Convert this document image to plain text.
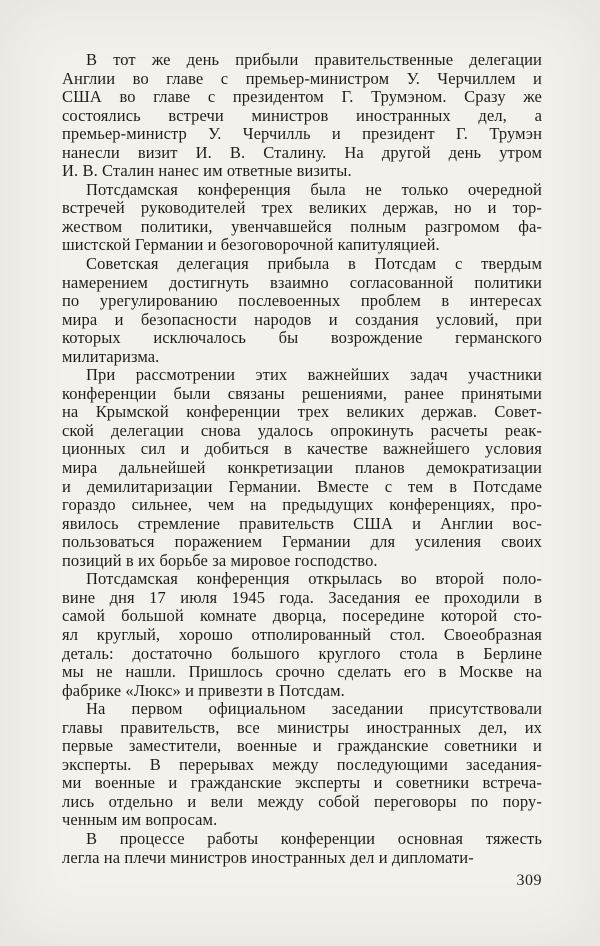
В тот же день прибыли правительственные делегации
Англии во главе с премьер-министром У. Черчиллем и
США во главе с президентом Г. Трумэном. Сразу же
состоялись встречи министров иностранных дел, а
премьер-министр У. Черчилль и президент Г. Трумэн
нанесли визит И. В. Сталину. На другой день утром
И. В. Сталин нанес им ответные визиты.
Потсдамская конференция была не только очередной
встречей руководителей трех великих держав, но и тор-
жеством политики, увенчавшейся полным разгромом фа-
шистской Германии и безоговорочной капитуляцией.
Советская делегация прибыла в Потсдам с твердым
намерением достигнуть взаимно согласованной политики
по урегулированию послевоенных проблем в интересах
мира и безопасности народов и создания условий, при
которых исключалось бы возрождение германского
милитаризма.
При рассмотрении этих важнейших задач участники
конференции были связаны решениями, ранее принятыми
на Крымской конференции трех великих держав. Совет-
ской делегации снова удалось опрокинуть расчеты реак-
ционных сил и добиться в качестве важнейшего условия
мира дальнейшей конкретизации планов демократизации
и демилитаризации Германии. Вместе с тем в Потсдаме
гораздо сильнее, чем на предыдущих конференциях, про-
явилось стремление правительств США и Англии вос-
пользоваться поражением Германии для усиления своих
позиций в их борьбе за мировое господство.
Потсдамская конференция открылась во второй поло-
вине дня 17 июля 1945 года. Заседания ее проходили в
самой большой комнате дворца, посередине которой сто-
ял круглый, хорошо отполированный стол. Своеобразная
деталь: достаточно большого круглого стола в Берлине
мы не нашли. Пришлось срочно сделать его в Москве на
фабрике «Люкс» и привезти в Потсдам.
На первом официальном заседании присутствовали
главы правительств, все министры иностранных дел, их
первые заместители, военные и гражданские советники и
эксперты. В перерывах между последующими заседания-
ми военные и гражданские эксперты и советники встреча-
лись отдельно и вели между собой переговоры по пору-
ченным им вопросам.
В процессе работы конференции основная тяжесть
легла на плечи министров иностранных дел и дипломати-
309
